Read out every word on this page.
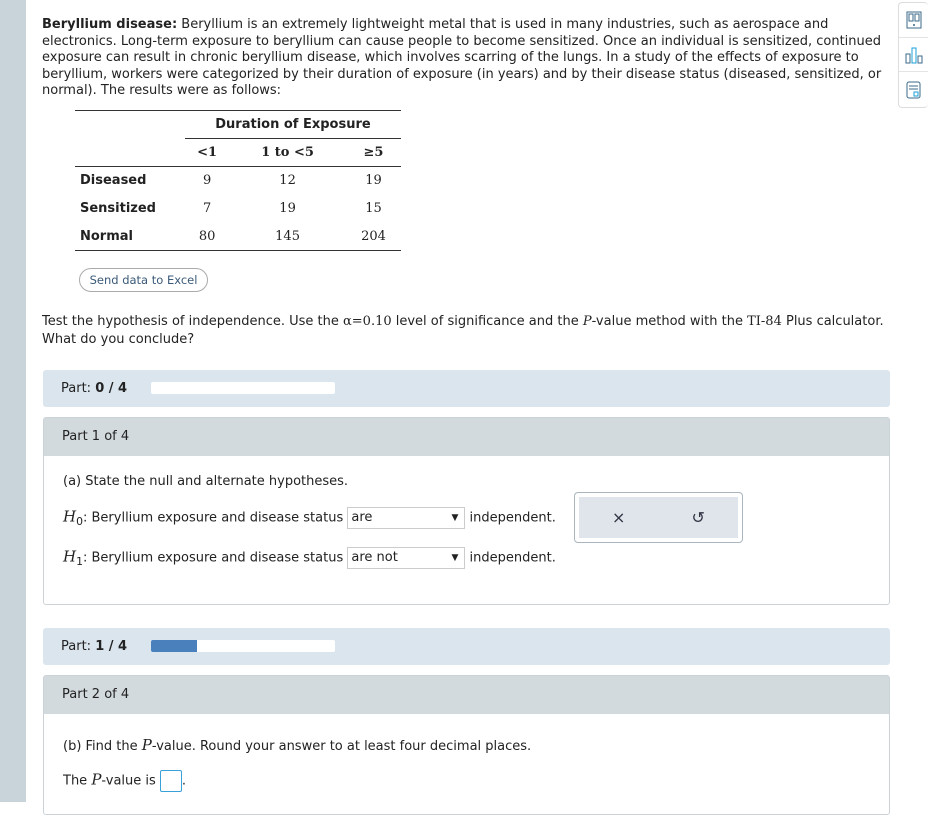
Beryllium disease: Beryllium is an extremely lightweight metal that is used in many industries, such as aerospace and electronics. Long-term exposure to beryllium can cause people to become sensitized. Once an individual is sensitized, continued exposure can result in chronic beryllium disease, which involves scarring of the lungs. In a study of the effects of exposure to beryllium, workers were categorized by their duration of exposure (in years) and by their disease status (diseased, sensitized, or normal). The results were as follows:
	Duration of Exposure		
	<1	1 to <5	≥5
Diseased	9	12	19
Sensitized	7	19	15
Normal	80	145	204
Send data to Excel
Test the hypothesis of independence. Use the α=0.10 level of significance and the P-value method with the TI-84 Plus calculator. What do you conclude?
Part: 0 / 4
Part 1 of 4
(a) State the null and alternate hypotheses.
$H_0$: Beryllium exposure and disease status are	▼ independent.
$H_1$: Beryllium exposure and disease status are not	▼ independent.
×	↺
Part: 1 / 4
Part 2 of 4
(b) Find the P-value. Round your answer to at least four decimal places.
The P-value is .
